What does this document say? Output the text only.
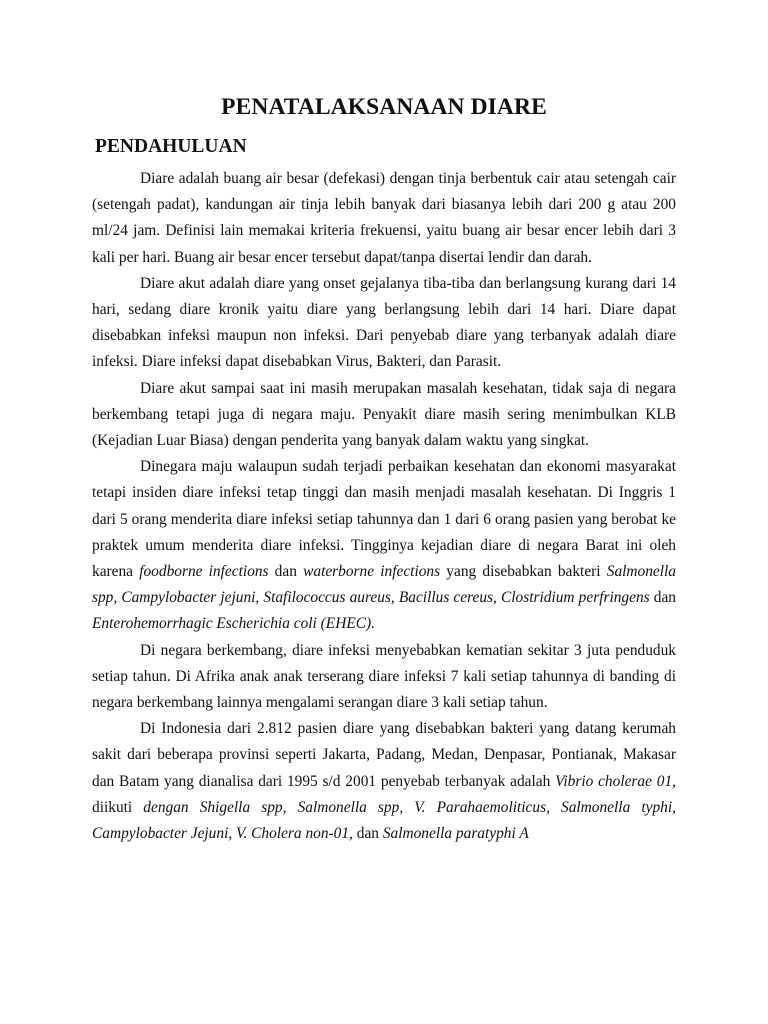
PENATALAKSANAAN DIARE
PENDAHULUAN

Diare adalah buang air besar (defekasi) dengan tinja berbentuk cair atau setengah cair (setengah padat), kandungan air tinja lebih banyak dari biasanya lebih dari 200 g atau 200 ml/24 jam. Definisi lain memakai kriteria frekuensi, yaitu buang air besar encer lebih dari 3 kali per hari. Buang air besar encer tersebut dapat/tanpa disertai lendir dan darah.

Diare akut adalah diare yang onset gejalanya tiba-tiba dan berlangsung kurang dari 14 hari, sedang diare kronik yaitu diare yang berlangsung lebih dari 14 hari. Diare dapat disebabkan infeksi maupun non infeksi. Dari penyebab diare yang terbanyak adalah diare infeksi. Diare infeksi dapat disebabkan Virus, Bakteri, dan Parasit.

Diare akut sampai saat ini masih merupakan masalah kesehatan, tidak saja di negara berkembang tetapi juga di negara maju. Penyakit diare masih sering menimbulkan KLB (Kejadian Luar Biasa) dengan penderita yang banyak dalam waktu yang singkat.

Dinegara maju walaupun sudah terjadi perbaikan kesehatan dan ekonomi masyarakat tetapi insiden diare infeksi tetap tinggi dan masih menjadi masalah kesehatan. Di Inggris 1 dari 5 orang menderita diare infeksi setiap tahunnya dan 1 dari 6 orang pasien yang berobat ke praktek umum menderita diare infeksi. Tingginya kejadian diare di negara Barat ini oleh karena foodborne infections dan waterborne infections yang disebabkan bakteri Salmonella spp, Campylobacter jejuni, Stafilococcus aureus, Bacillus cereus, Clostridium perfringens dan Enterohemorrhagic Escherichia coli (EHEC).

Di negara berkembang, diare infeksi menyebabkan kematian sekitar 3 juta penduduk setiap tahun. Di Afrika anak anak terserang diare infeksi 7 kali setiap tahunnya di banding di negara berkembang lainnya mengalami serangan diare 3 kali setiap tahun.

Di Indonesia dari 2.812 pasien diare yang disebabkan bakteri yang datang kerumah sakit dari beberapa provinsi seperti Jakarta, Padang, Medan, Denpasar, Pontianak, Makasar dan Batam yang dianalisa dari 1995 s/d 2001 penyebab terbanyak adalah Vibrio cholerae 01, diikuti dengan Shigella spp, Salmonella spp, V. Parahaemoliticus, Salmonella typhi, Campylobacter Jejuni, V. Cholera non-01, dan Salmonella paratyphi A
